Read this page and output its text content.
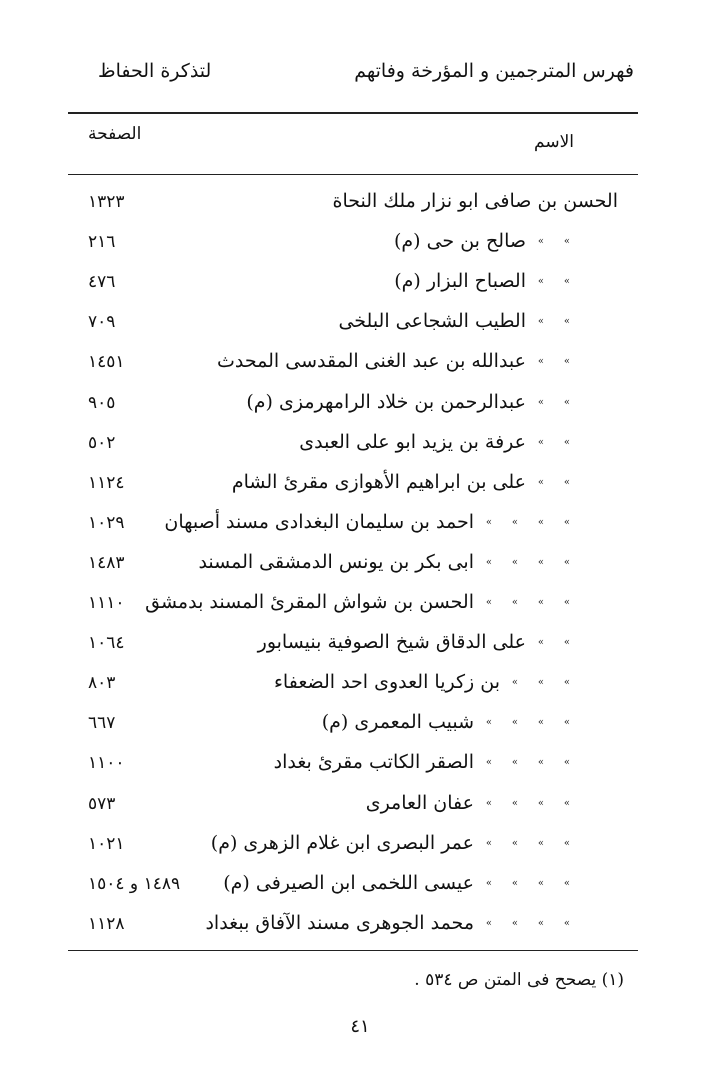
فهرس المترجمين و المؤرخة وفاتهم
لتذكرة الحفاظ
الاسم
الصفحة
الحسن بن صافى ابو نزار ملك النحاة
١٣٢٣
»
»
صالح بن حى (م)
٢١٦
»
»
الصباح البزار (م)
٤٧٦
»
»
الطيب الشجاعى البلخى
٧٠٩
»
»
عبدالله بن عبد الغنى المقدسى المحدث
١٤٥١
»
»
عبدالرحمن بن خلاد الرامهرمزى (م)
٩٠٥
»
»
عرفة بن يزيد ابو على العبدى
٥٠٢
»
»
على بن ابراهيم الأهوازى مقرئ الشام
١١٢٤
»
»
»
»
احمد بن سليمان البغدادى مسند أصبهان
١٠٢٩
»
»
»
»
ابى بكر بن يونس الدمشقى المسند
١٤٨٣
»
»
»
»
الحسن بن شواش المقرئ المسند بدمشق
١١١٠
»
»
على الدقاق شيخ الصوفية بنيسابور
١٠٦٤
»
»
»
بن زكريا العدوى احد الضعفاء
٨٠٣
»
»
»
»
شبيب المعمرى (م)
٦٦٧
»
»
»
»
الصقر الكاتب مقرئ بغداد
١١٠٠
»
»
»
»
عفان العامرى
٥٧٣
»
»
»
»
عمر البصرى ابن غلام الزهرى (م)
١٠٢١
»
»
»
»
عيسى اللخمى ابن الصيرفى (م)
١٤٨٩ و ١٥٠٤
»
»
»
»
محمد الجوهرى مسند الآفاق ببغداد
١١٢٨
(١) يصحح فى المتن ص ٥٣٤ .
٤١
